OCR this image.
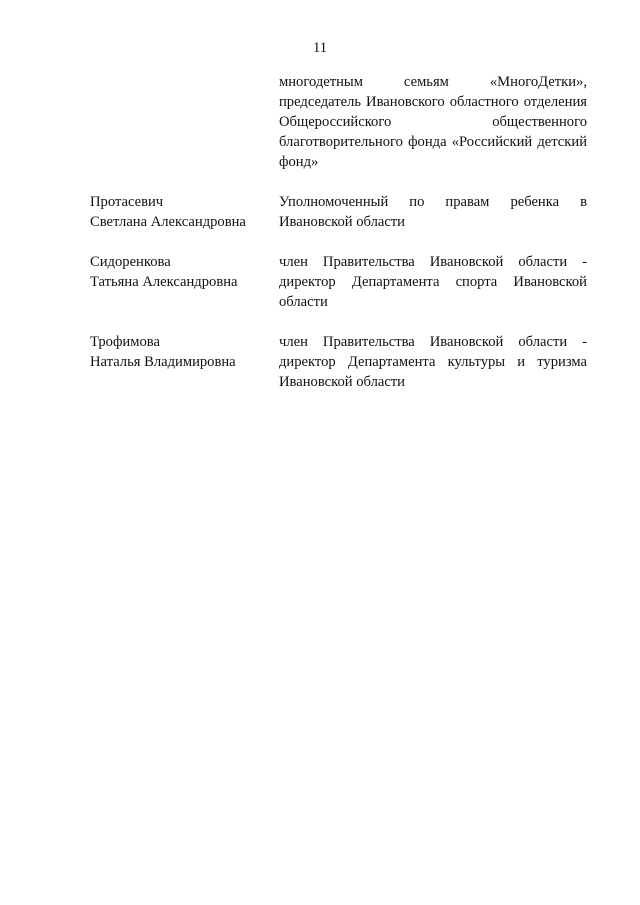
11
многодетным семьям «МногоДетки», председатель Ивановского областного отделения Общероссийского общественного благотворительного фонда «Российский детский фонд»
Протасевич
Светлана Александровна
Уполномоченный по правам ребенка в Ивановской области
Сидоренкова
Татьяна Александровна
член Правительства Ивановской области - директор Департамента спорта Ивановской области
Трофимова
Наталья Владимировна
член Правительства Ивановской области - директор Департамента культуры и туризма Ивановской области
